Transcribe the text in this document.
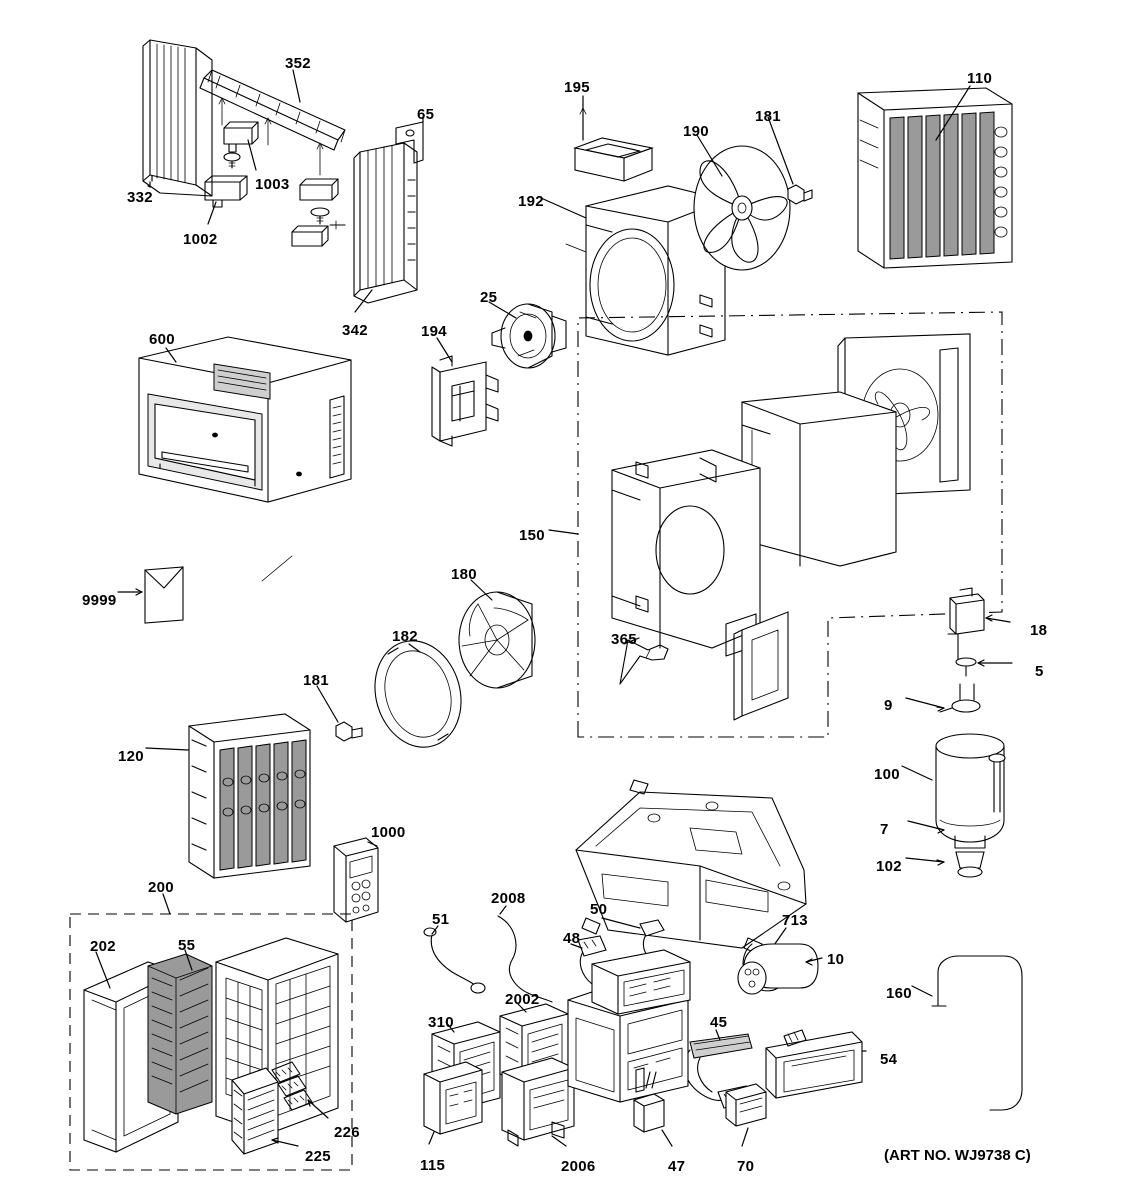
352
195
110
65	181
190
332
1003
192
1002
342
25
194
600
150
180
9999
182	365
18
5
9
181
120
100
7
102
1000
200
202	55
51
2008
50
48
713
10
160
2002
310	45
54
226
225
115	2006	47	70
(ART NO. WJ9738 C)
